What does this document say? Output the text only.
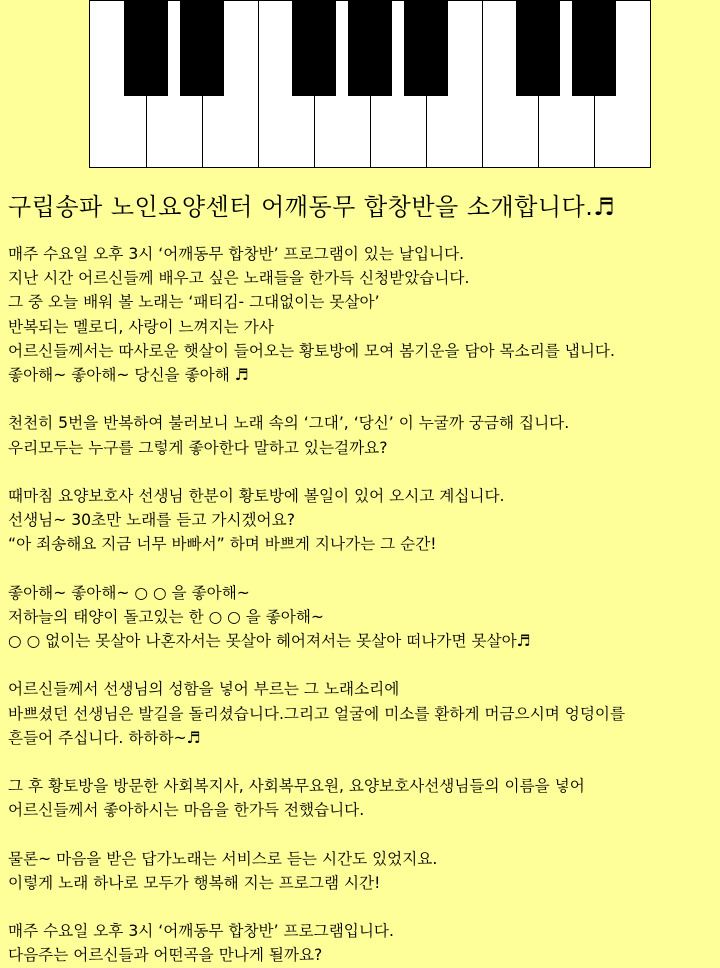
구립송파 노인요양센터 어깨동무 합창반을 소개합니다.♬
매주 수요일 오후 3시 ‘어깨동무 합창반’ 프로그램이 있는 날입니다.
지난 시간 어르신들께 배우고 싶은 노래들을 한가득 신청받았습니다.
그 중 오늘 배워 볼 노래는 ‘패티김- 그대없이는 못살아’
반복되는 멜로디, 사랑이 느껴지는 가사
어르신들께서는 따사로운 햇살이 들어오는 황토방에 모여 봄기운을 담아 목소리를 냅니다.
좋아해~ 좋아해~ 당신을 좋아해 ♬
천천히 5번을 반복하여 불러보니 노래 속의 ‘그대’, ‘당신’ 이 누굴까 궁금해 집니다.
우리모두는 누구를 그렇게 좋아한다 말하고 있는걸까요?
때마침 요양보호사 선생님 한분이 황토방에 볼일이 있어 오시고 계십니다.
선생님~ 30초만 노래를 듣고 가시겠어요?
“아 죄송해요 지금 너무 바빠서” 하며 바쁘게 지나가는 그 순간!
좋아해~ 좋아해~ ○ ○ 을 좋아해~
저하늘의 태양이 돌고있는 한 ○ ○ 을 좋아해~
○ ○ 없이는 못살아 나혼자서는 못살아 헤어져서는 못살아 떠나가면 못살아♬
어르신들께서 선생님의 성함을 넣어 부르는 그 노래소리에
바쁘셨던 선생님은 발길을 돌리셨습니다.그리고 얼굴에 미소를 환하게 머금으시며 엉덩이를
흔들어 주십니다. 하하하~♬
그 후 황토방을 방문한 사회복지사, 사회복무요원, 요양보호사선생님들의 이름을 넣어
어르신들께서 좋아하시는 마음을 한가득 전했습니다.
물론~ 마음을 받은 답가노래는 서비스로 듣는 시간도 있었지요.
이렇게 노래 하나로 모두가 행복해 지는 프로그램 시간!
매주 수요일 오후 3시 ‘어깨동무 합창반’ 프로그램입니다.
다음주는 어르신들과 어떤곡을 만나게 될까요?
